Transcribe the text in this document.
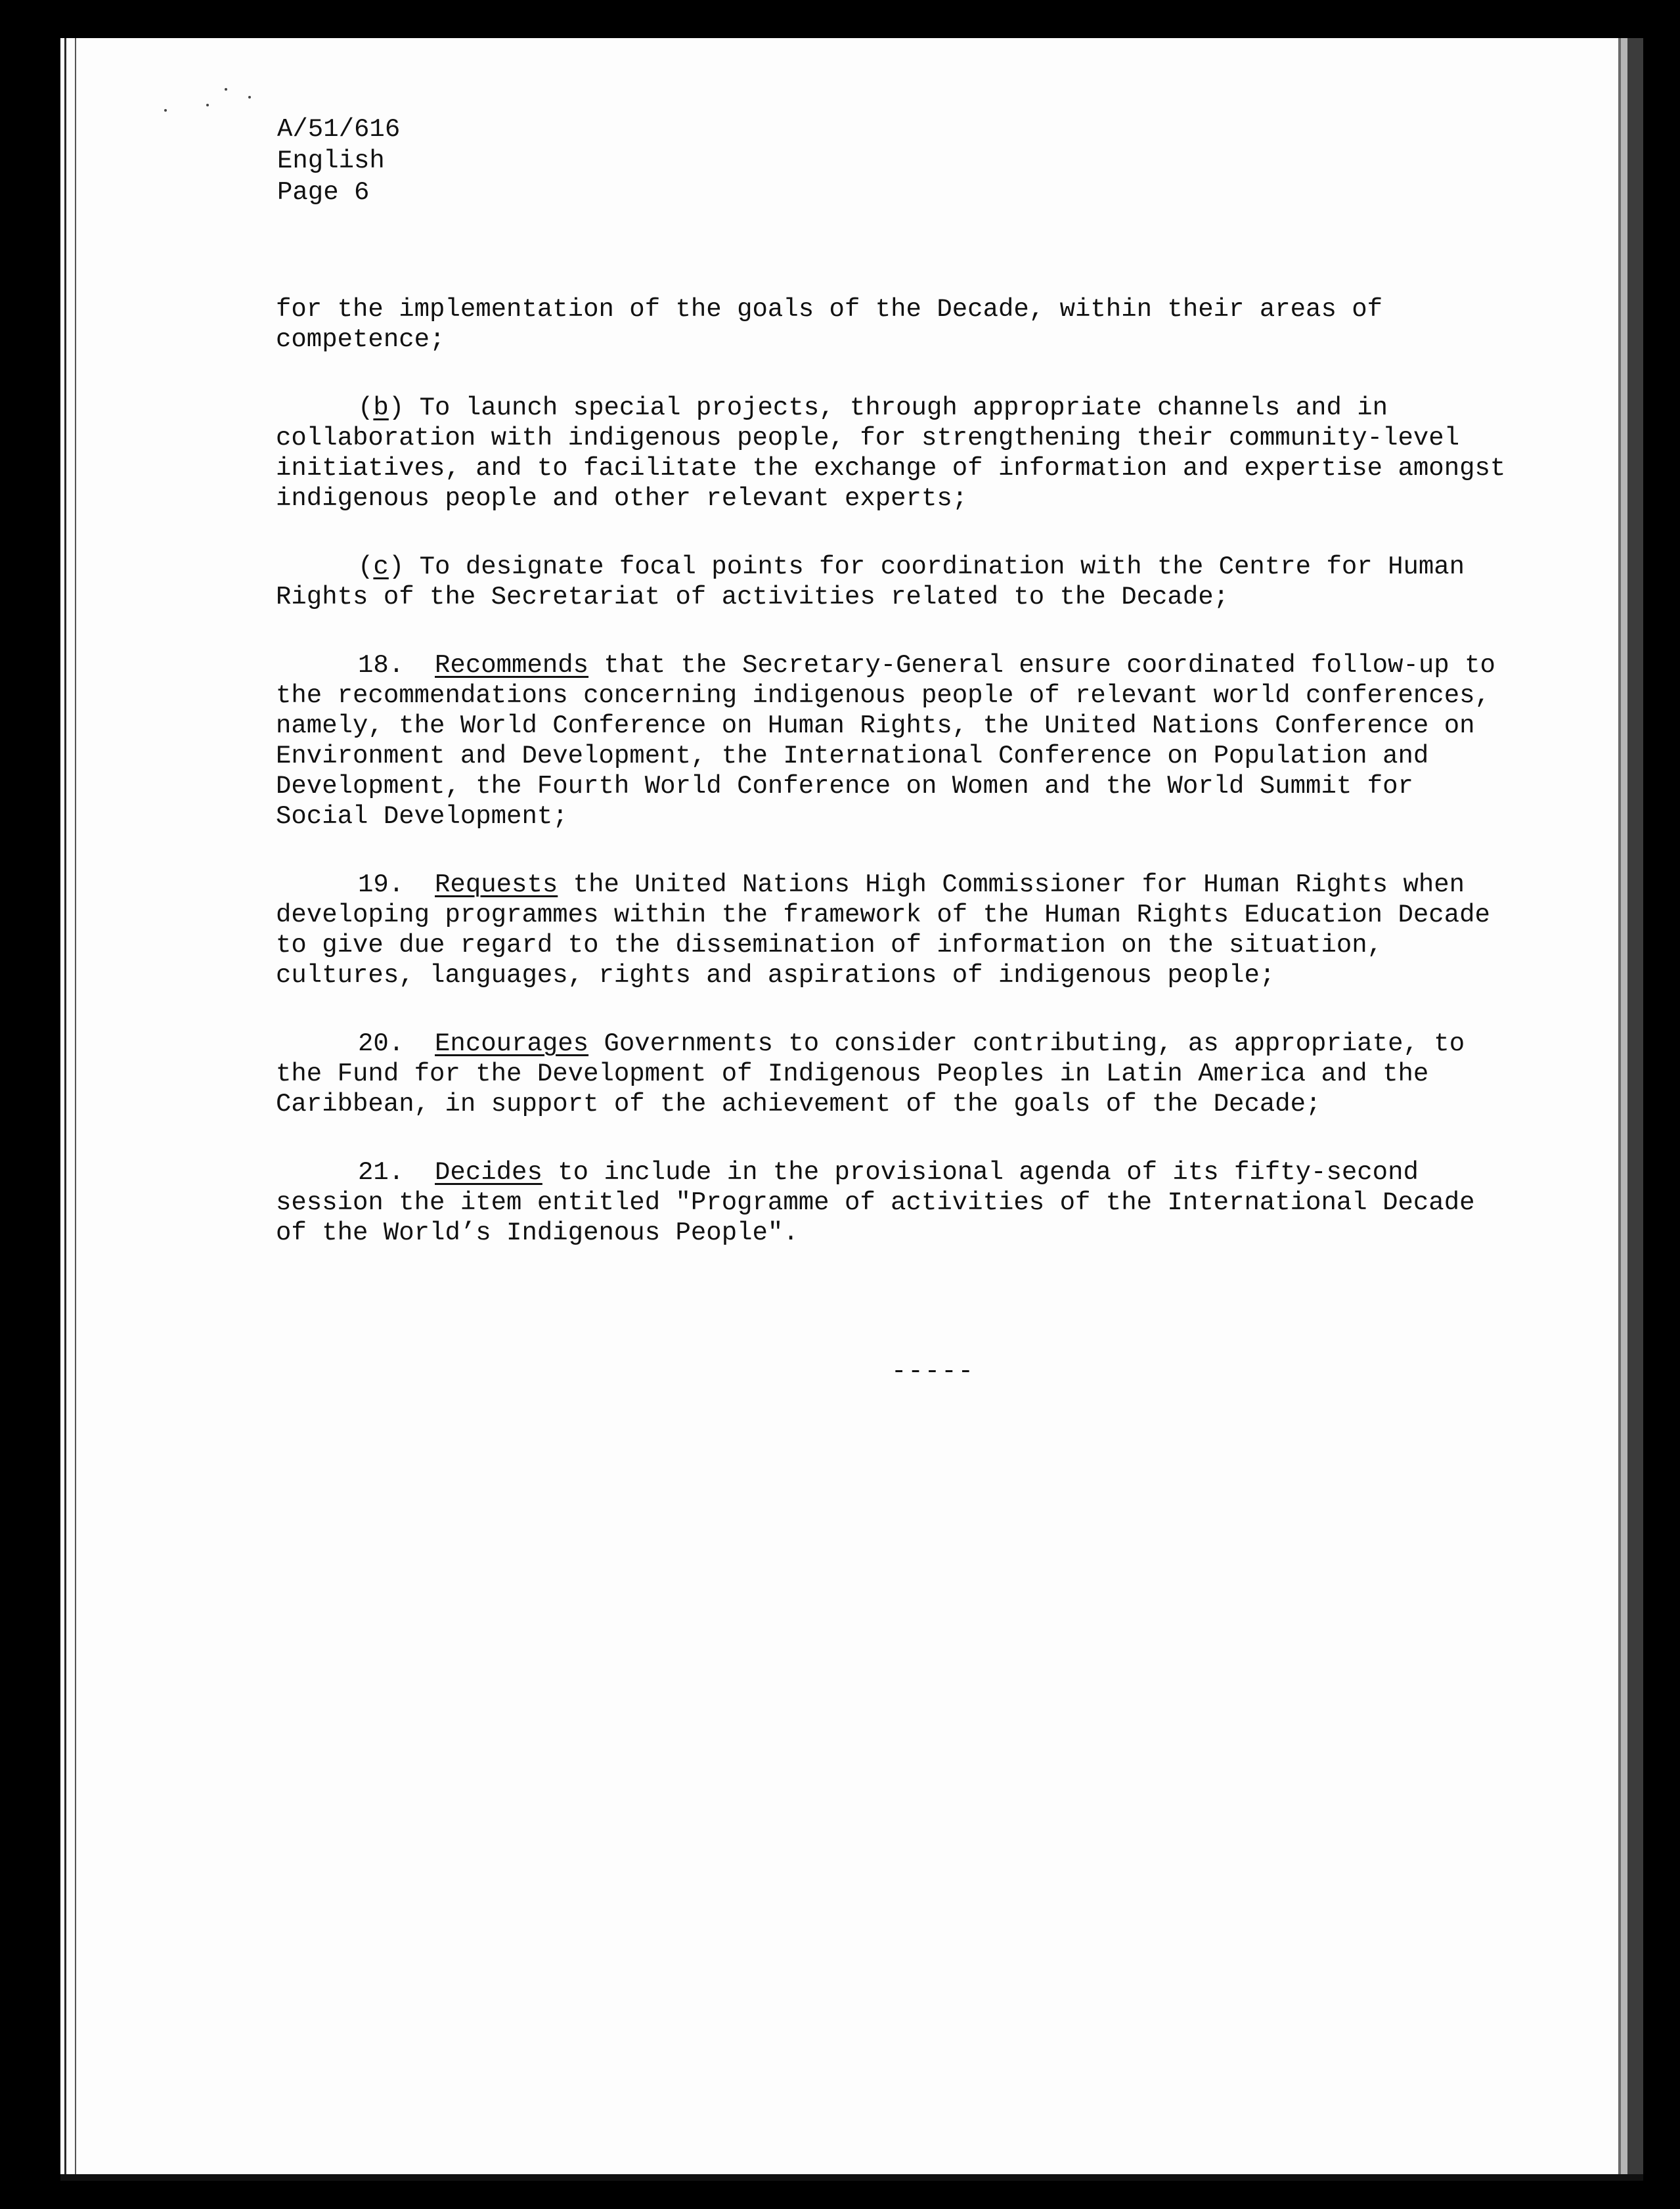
A/51/616
English
Page 6

for the implementation of the goals of the Decade, within their areas of
competence;

(b) To launch special projects, through appropriate channels and in
collaboration with indigenous people, for strengthening their community-level
initiatives, and to facilitate the exchange of information and expertise amongst
indigenous people and other relevant experts;

(c) To designate focal points for coordination with the Centre for Human
Rights of the Secretariat of activities related to the Decade;

18. Recommends that the Secretary-General ensure coordinated follow-up to
the recommendations concerning indigenous people of relevant world conferences,
namely, the World Conference on Human Rights, the United Nations Conference on
Environment and Development, the International Conference on Population and
Development, the Fourth World Conference on Women and the World Summit for
Social Development;

19. Requests the United Nations High Commissioner for Human Rights when
developing programmes within the framework of the Human Rights Education Decade
to give due regard to the dissemination of information on the situation,
cultures, languages, rights and aspirations of indigenous people;

20. Encourages Governments to consider contributing, as appropriate, to
the Fund for the Development of Indigenous Peoples in Latin America and the
Caribbean, in support of the achievement of the goals of the Decade;

21. Decides to include in the provisional agenda of its fifty-second
session the item entitled "Programme of activities of the International Decade
of the World’s Indigenous People".

-----
